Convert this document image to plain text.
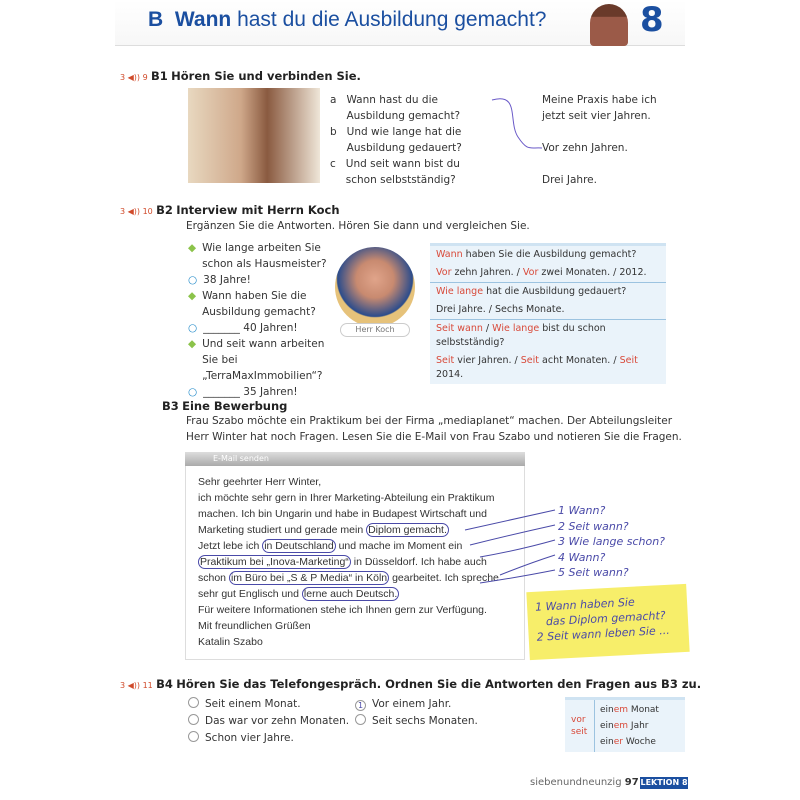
B Wann hast du die Ausbildung gemacht?	8
3 ◀)) 9 B1 Hören Sie und verbinden Sie.
a Wann hast du die Ausbildung gemacht?
b Und wie lange hat die Ausbildung gedauert?
c Und seit wann bist du schon selbstständig?
Meine Praxis habe ich jetzt seit vier Jahren.
Vor zehn Jahren.
Drei Jahre.
3 ◀)) 10 B2 Interview mit Herrn Koch
Ergänzen Sie die Antworten. Hören Sie dann und vergleichen Sie.
◆ Wie lange arbeiten Sie schon als Hausmeister?
○ 38 Jahre!
◆ Wann haben Sie die Ausbildung gemacht?
○ _______ 40 Jahren!
◆ Und seit wann arbeiten Sie bei „TerraMaxImmobilien“?
○ _______ 35 Jahren!
Herr Koch
Wann haben Sie die Ausbildung gemacht?
Vor zehn Jahren. / Vor zwei Monaten. / 2012.
Wie lange hat die Ausbildung gedauert?
Drei Jahre. / Sechs Monate.
Seit wann / Wie lange bist du schon selbstständig?
Seit vier Jahren. / Seit acht Monaten. / Seit 2014.
B3 Eine Bewerbung
Frau Szabo möchte ein Praktikum bei der Firma „mediaplanet“ machen. Der Abteilungsleiter
Herr Winter hat noch Fragen. Lesen Sie die E-Mail von Frau Szabo und notieren Sie die Fragen.
E-Mail senden
Sehr geehrter Herr Winter,
ich möchte sehr gern in Ihrer Marketing-Abteilung ein Praktikum
machen. Ich bin Ungarin und habe in Budapest Wirtschaft und
Marketing studiert und gerade mein Diplom gemacht.
Jetzt lebe ich in Deutschland und mache im Moment ein
Praktikum bei „Inova-Marketing“ in Düsseldorf. Ich habe auch
schon im Büro bei „S & P Media“ in Köln gearbeitet. Ich spreche
sehr gut Englisch und lerne auch Deutsch.
Für weitere Informationen stehe ich Ihnen gern zur Verfügung.
Mit freundlichen Grüßen
Katalin Szabo
1 Wann?
2 Seit wann?
3 Wie lange schon?
4 Wann?
5 Seit wann?
1 Wann haben Sie
das Diplom gemacht?
2 Seit wann leben Sie ...
3 ◀)) 11 B4 Hören Sie das Telefongespräch. Ordnen Sie die Antworten den Fragen aus B3 zu.
Seit einem Monat.
Das war vor zehn Monaten.
Schon vier Jahre.
1 Vor einem Jahr.
Seit sechs Monaten.	vor
seit
einem Monat
einem Jahr
einer Woche
siebenundneunzig 97 LEKTION 8
